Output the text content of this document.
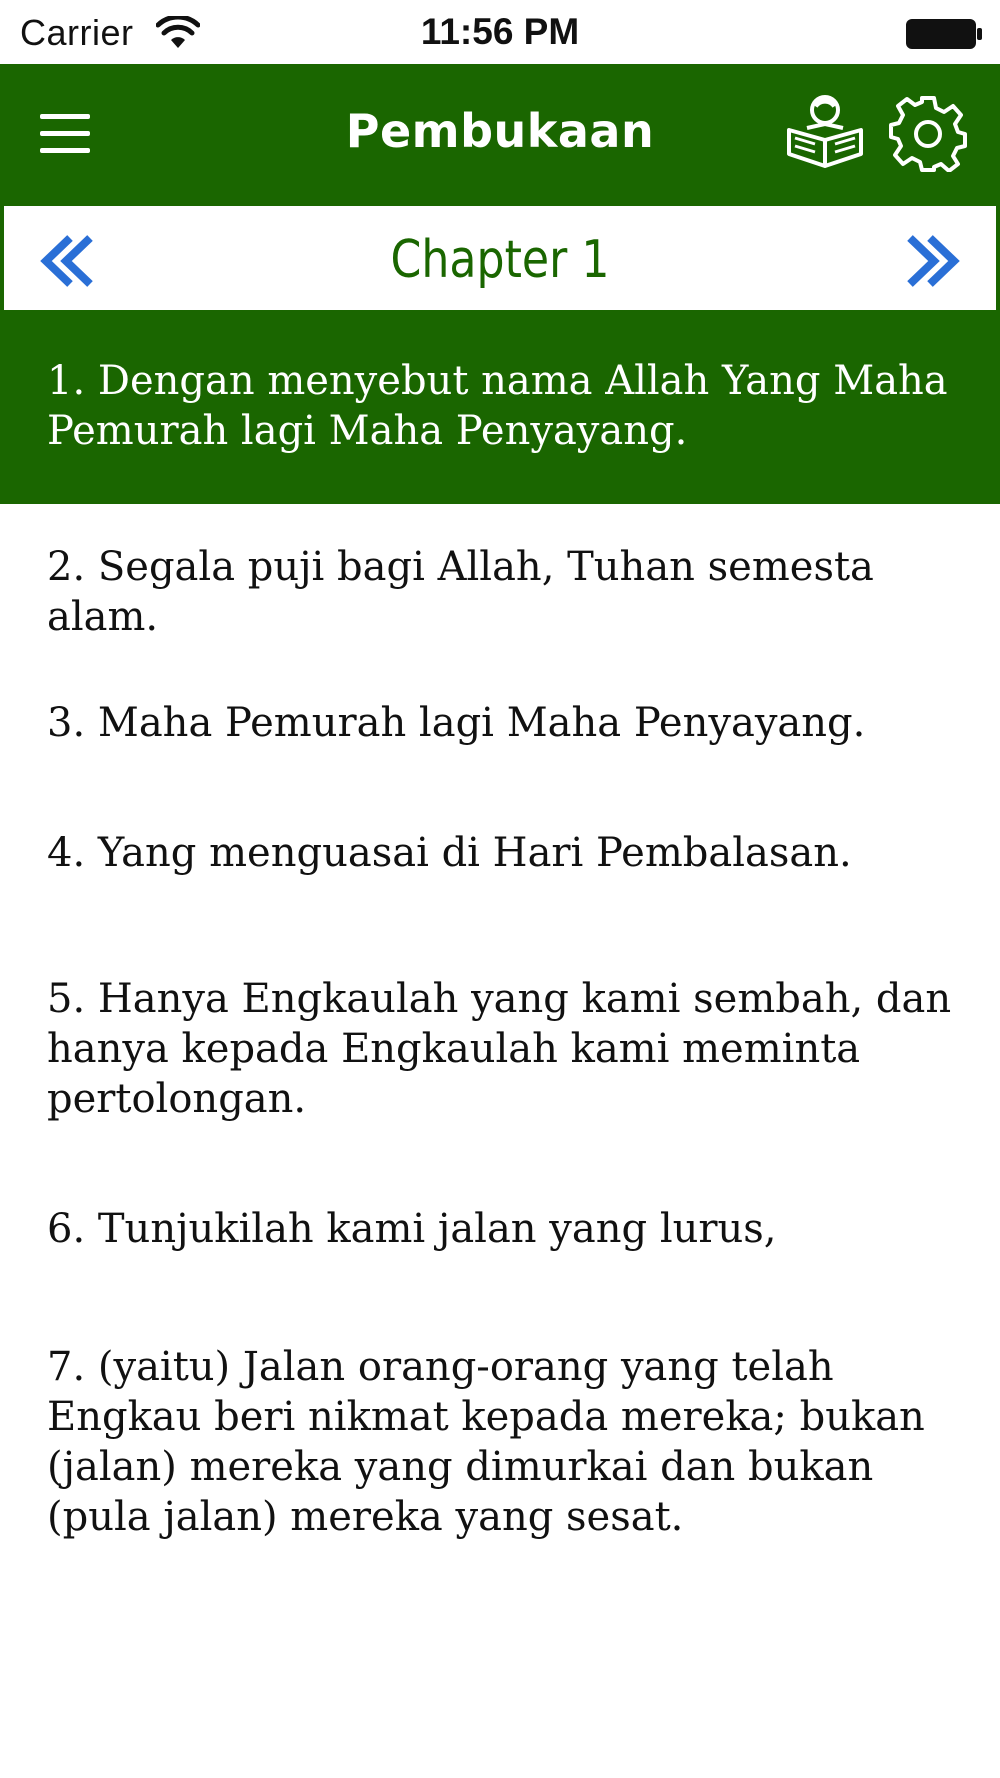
Carrier	11:56 PM
Pembukaan
Chapter 1
1. Dengan menyebut nama Allah Yang Maha Pemurah lagi Maha Penyayang.
2. Segala puji bagi Allah, Tuhan semesta alam.
3. Maha Pemurah lagi Maha Penyayang.
4. Yang menguasai di Hari Pembalasan.
5. Hanya Engkaulah yang kami sembah, dan hanya kepada Engkaulah kami meminta pertolongan.
6. Tunjukilah kami jalan yang lurus,
7. (yaitu) Jalan orang-orang yang telah Engkau beri nikmat kepada mereka; bukan (jalan) mereka yang dimurkai dan bukan (pula jalan) mereka yang sesat.
